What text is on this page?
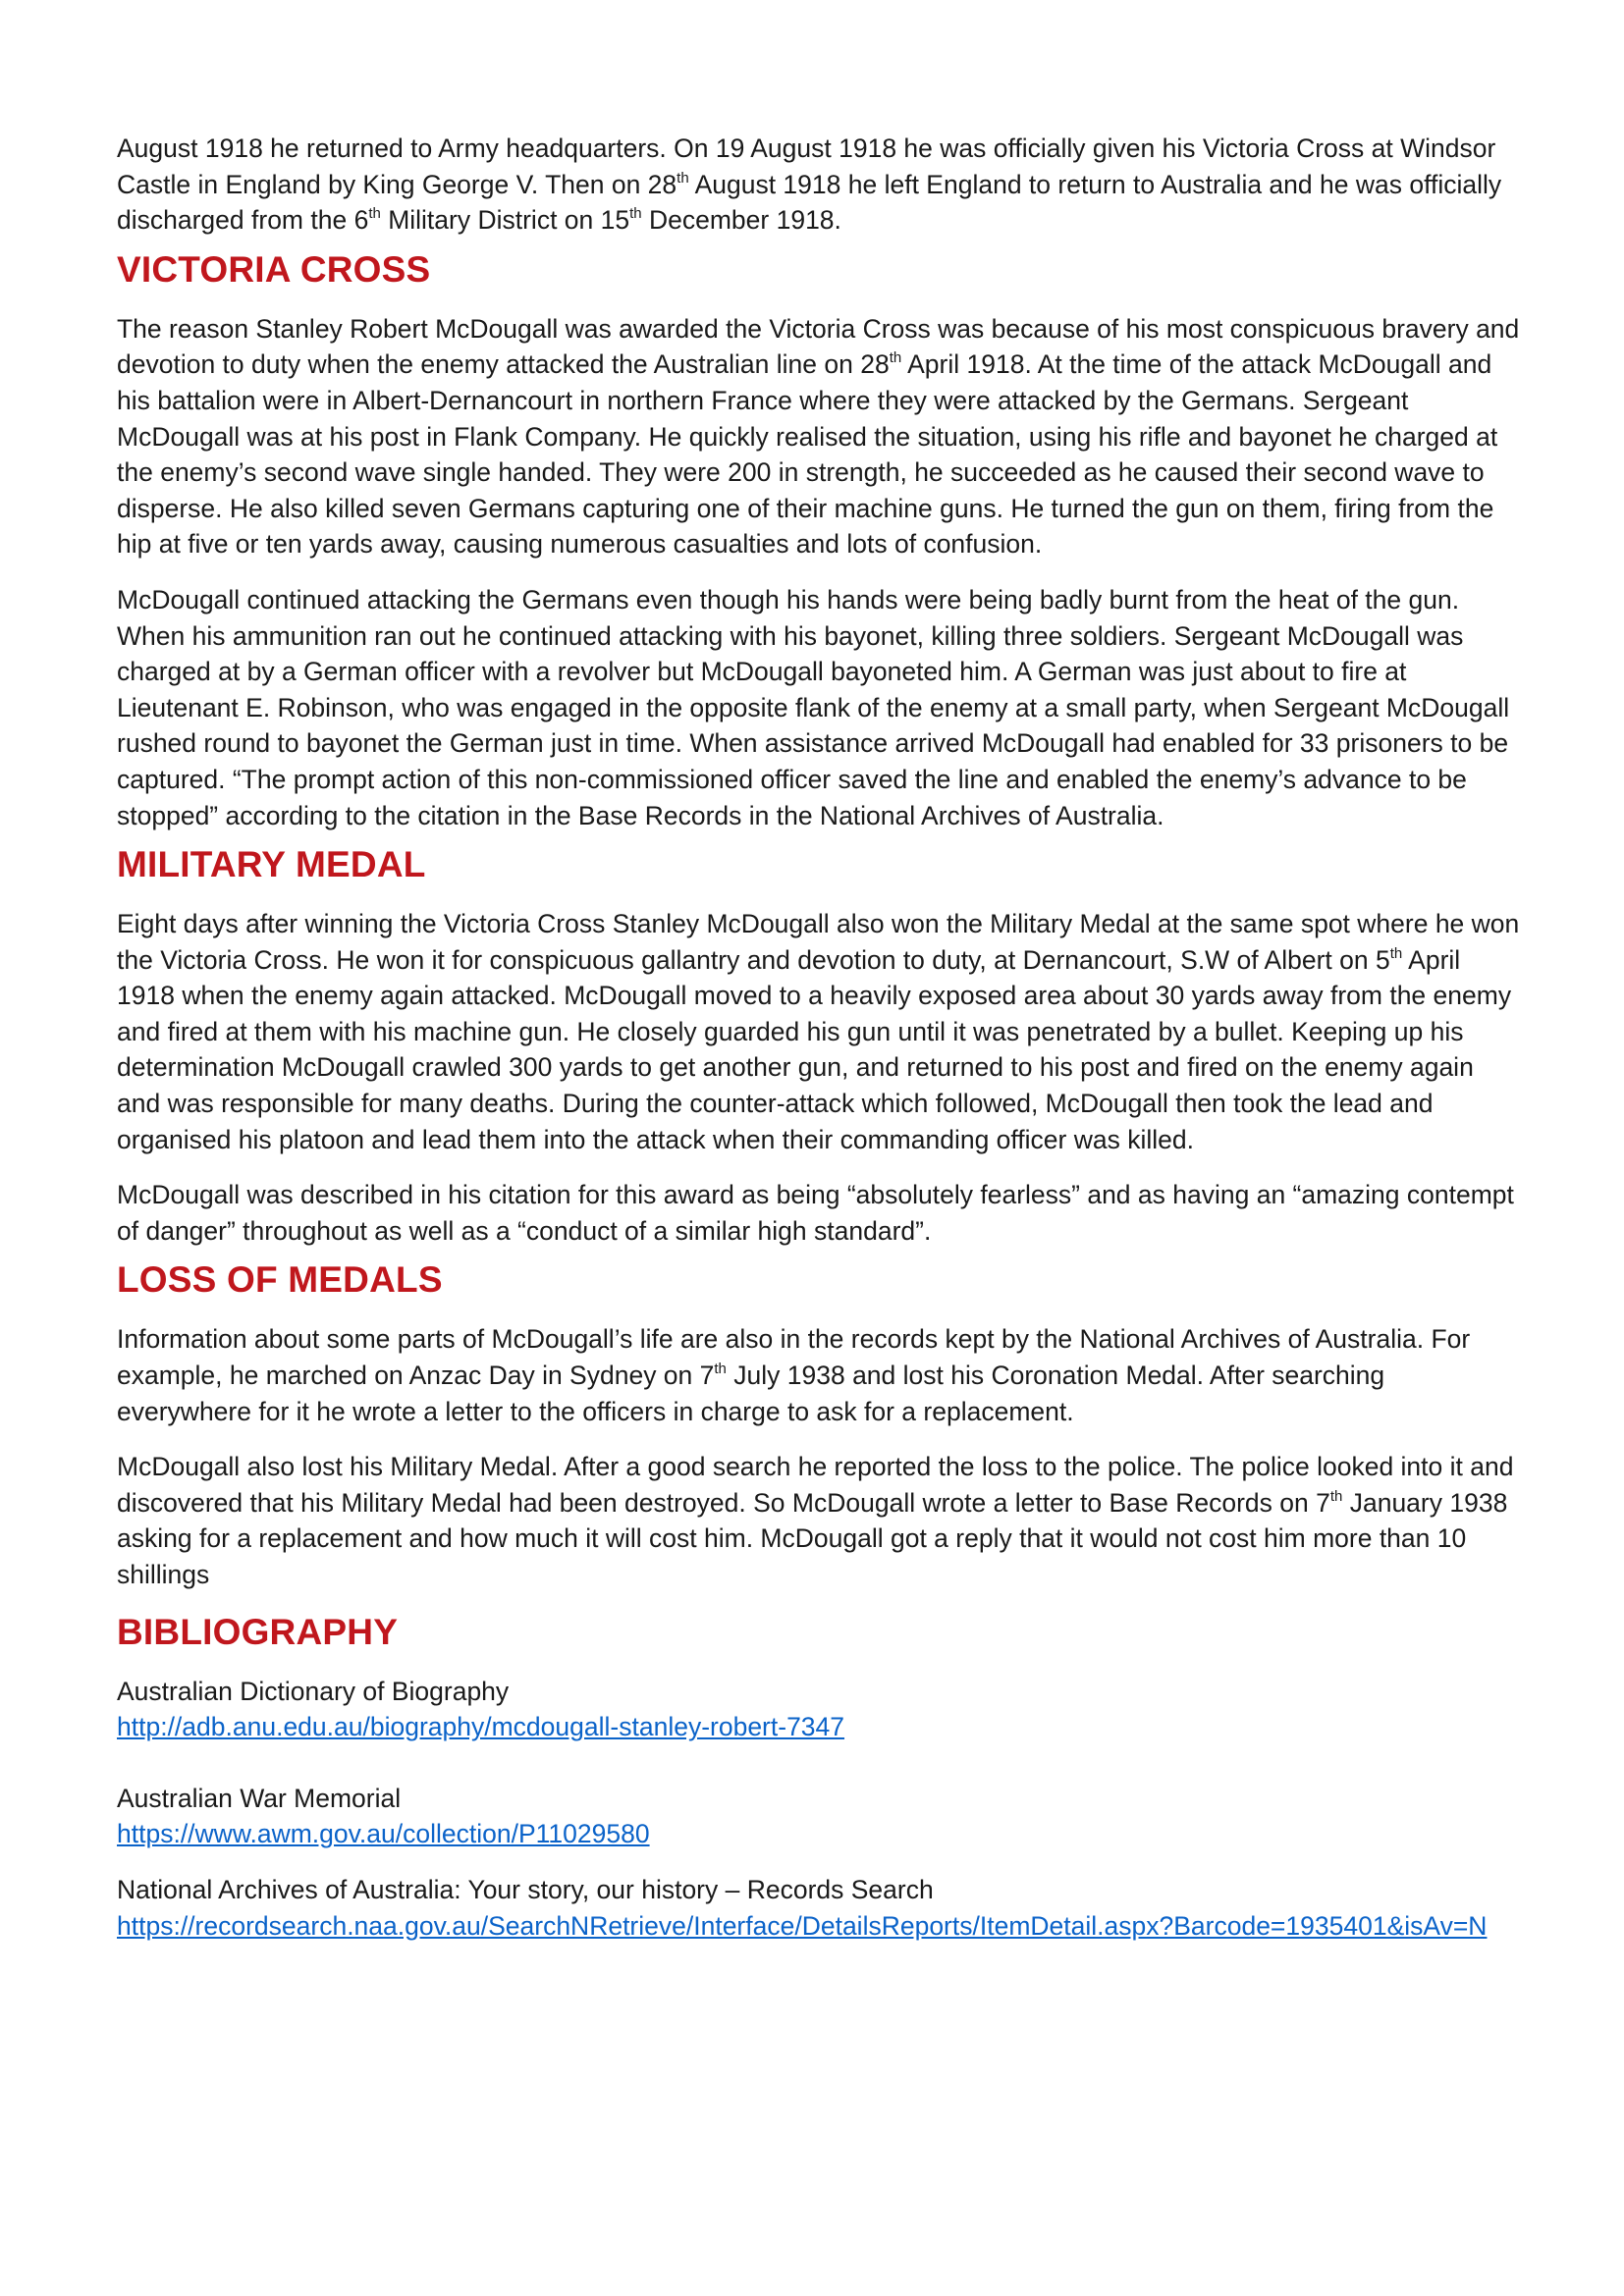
August 1918 he returned to Army headquarters. On 19 August 1918 he was officially given his Victoria Cross at Windsor Castle in England by King George V. Then on 28th August 1918 he left England to return to Australia and he was officially discharged from the 6th Military District on 15th December 1918.

VICTORIA CROSS

The reason Stanley Robert McDougall was awarded the Victoria Cross was because of his most conspicuous bravery and devotion to duty when the enemy attacked the Australian line on 28th April 1918. At the time of the attack McDougall and his battalion were in Albert-Dernancourt in northern France where they were attacked by the Germans. Sergeant McDougall was at his post in Flank Company. He quickly realised the situation, using his rifle and bayonet he charged at the enemy’s second wave single handed. They were 200 in strength, he succeeded as he caused their second wave to disperse. He also killed seven Germans capturing one of their machine guns. He turned the gun on them, firing from the hip at five or ten yards away, causing numerous casualties and lots of confusion.

McDougall continued attacking the Germans even though his hands were being badly burnt from the heat of the gun. When his ammunition ran out he continued attacking with his bayonet, killing three soldiers. Sergeant McDougall was charged at by a German officer with a revolver but McDougall bayoneted him. A German was just about to fire at Lieutenant E. Robinson, who was engaged in the opposite flank of the enemy at a small party, when Sergeant McDougall rushed round to bayonet the German just in time. When assistance arrived McDougall had enabled for 33 prisoners to be captured. “The prompt action of this non-commissioned officer saved the line and enabled the enemy’s advance to be stopped” according to the citation in the Base Records in the National Archives of Australia.

MILITARY MEDAL

Eight days after winning the Victoria Cross Stanley McDougall also won the Military Medal at the same spot where he won the Victoria Cross. He won it for conspicuous gallantry and devotion to duty, at Dernancourt, S.W of Albert on 5th April 1918 when the enemy again attacked. McDougall moved to a heavily exposed area about 30 yards away from the enemy and fired at them with his machine gun. He closely guarded his gun until it was penetrated by a bullet. Keeping up his determination McDougall crawled 300 yards to get another gun, and returned to his post and fired on the enemy again and was responsible for many deaths. During the counter-attack which followed, McDougall then took the lead and organised his platoon and lead them into the attack when their commanding officer was killed.

McDougall was described in his citation for this award as being “absolutely fearless” and as having an “amazing contempt of danger” throughout as well as a “conduct of a similar high standard”.

LOSS OF MEDALS

Information about some parts of McDougall’s life are also in the records kept by the National Archives of Australia. For example, he marched on Anzac Day in Sydney on 7th July 1938 and lost his Coronation Medal. After searching everywhere for it he wrote a letter to the officers in charge to ask for a replacement.

McDougall also lost his Military Medal. After a good search he reported the loss to the police. The police looked into it and discovered that his Military Medal had been destroyed. So McDougall wrote a letter to Base Records on 7th January 1938 asking for a replacement and how much it will cost him. McDougall got a reply that it would not cost him more than 10 shillings

BIBLIOGRAPHY

Australian Dictionary of Biography

http://adb.anu.edu.au/biography/mcdougall-stanley-robert-7347

Australian War Memorial

https://www.awm.gov.au/collection/P11029580

National Archives of Australia: Your story, our history – Records Search

https://recordsearch.naa.gov.au/SearchNRetrieve/Interface/DetailsReports/ItemDetail.aspx?Barcode=1935401&isAv=N
